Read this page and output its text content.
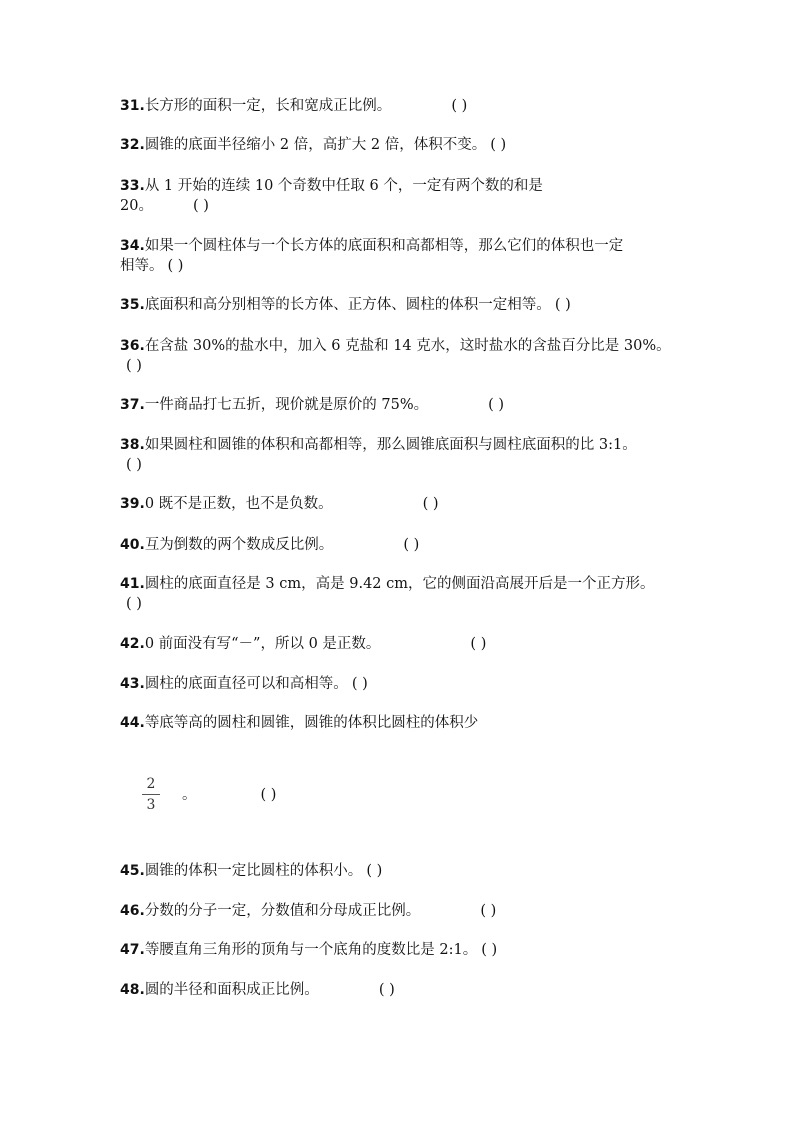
31.长方形的面积一定，长和宽成正比例。	( )
32.圆锥的底面半径缩小 2 倍，高扩大 2 倍，体积不变。 ( )
33.从 1 开始的连续 10 个奇数中任取 6 个，一定有两个数的和是
20。	( )
34.如果一个圆柱体与一个长方体的底面积和高都相等，那么它们的体积也一定
相等。 ( )
35.底面积和高分别相等的长方体、正方体、圆柱的体积一定相等。 ( )
36.在含盐 30%的盐水中，加入 6 克盐和 14 克水，这时盐水的含盐百分比是 30%。
( )
37.一件商品打七五折，现价就是原价的 75%。	( )
38.如果圆柱和圆锥的体积和高都相等，那么圆锥底面积与圆柱底面积的比 3:1。
( )
39.0 既不是正数，也不是负数。	( )
40.互为倒数的两个数成反比例。	( )
41.圆柱的底面直径是 3 cm，高是 9.42 cm，它的侧面沿高展开后是一个正方形。
( )
42.0 前面没有写“－”，所以 0 是正数。	( )
43.圆柱的底面直径可以和高相等。 ( )
44.等底等高的圆柱和圆锥，圆锥的体积比圆柱的体积少
2
3
。	( )
45.圆锥的体积一定比圆柱的体积小。 ( )
46.分数的分子一定，分数值和分母成正比例。	( )
47.等腰直角三角形的顶角与一个底角的度数比是 2:1。 ( )
48.圆的半径和面积成正比例。	( )
